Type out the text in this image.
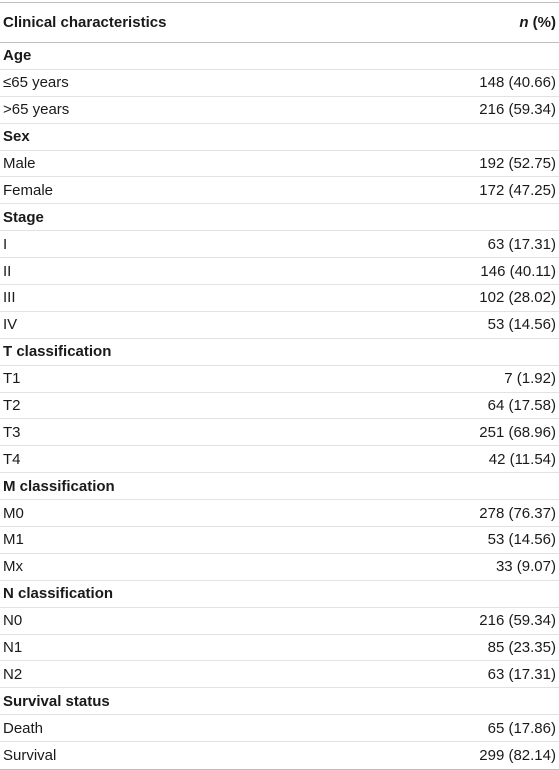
Clinical characteristics	n (%)
Age
≤65 years	148 (40.66)
>65 years	216 (59.34)
Sex
Male	192 (52.75)
Female	172 (47.25)
Stage
I	63 (17.31)
II	146 (40.11)
III	102 (28.02)
IV	53 (14.56)
T classification
T1	7 (1.92)
T2	64 (17.58)
T3	251 (68.96)
T4	42 (11.54)
M classification
M0	278 (76.37)
M1	53 (14.56)
Mx	33 (9.07)
N classification
N0	216 (59.34)
N1	85 (23.35)
N2	63 (17.31)
Survival status
Death	65 (17.86)
Survival	299 (82.14)
